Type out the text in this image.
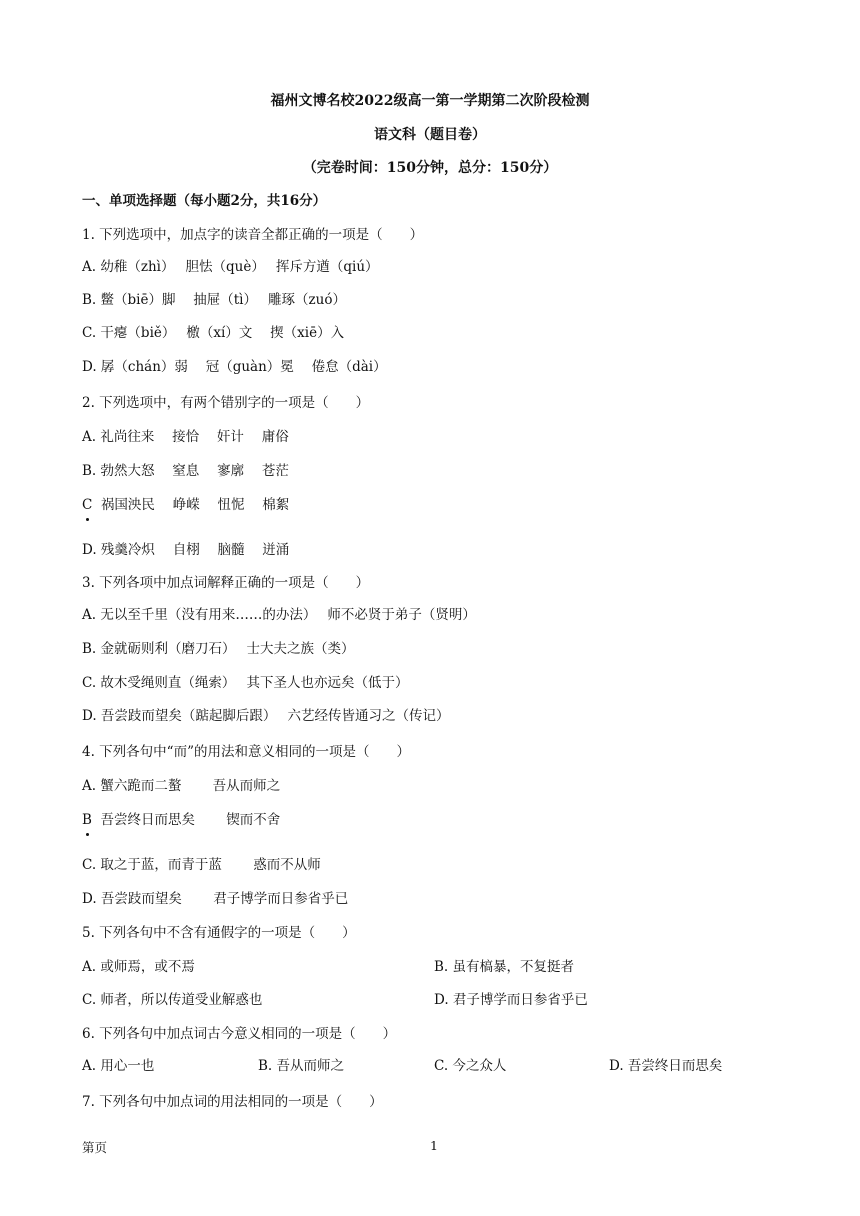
福州文博名校2022级高一第一学期第二次阶段检测
语文科（题目卷）
（完卷时间：150分钟，总分：150分）
一、单项选择题（每小题2分，共16分）
1. 下列选项中，加点字的读音全都正确的一项是（　　）
A. 幼稚（zhì）　 胆怯（què）　 挥斥方遒（qiú）
B. 鳖（biē）脚　 抽屉（tì）　 雕琢（zuó）
C. 干瘪（biě）　 檄（xí）文　 揳（xiē）入
D. 孱（chán）弱　 冠（guàn）冕　 倦怠（dài）
2. 下列选项中，有两个错别字的一项是（　　）
A. 礼尚往来　 接恰　 奸计　 庸俗
B. 勃然大怒　 窒息　 寥廓　 苍茫
C  祸国泱民　 峥嵘　 忸怩　 棉絮
D. 残羹冷炽　 自栩　 脑髓　 迸涌
3. 下列各项中加点词解释正确的一项是（　　）
A. 无以至千里（没有用来……的办法）　 师不必贤于弟子（贤明）
B. 金就砺则利（磨刀石）　 士大夫之族（类）
C. 故木受绳则直（绳索）　 其下圣人也亦远矣（低于）
D. 吾尝跂而望矣（踮起脚后跟）　 六艺经传皆通习之（传记）
4. 下列各句中“而”的用法和意义相同的一项是（　　）
A. 蟹六跪而二螯　　 吾从而师之
B  吾尝终日而思矣　　 锲而不舍
C. 取之于蓝，而青于蓝　　 惑而不从师
D. 吾尝跂而望矣　　 君子博学而日参省乎已
5. 下列各句中不含有通假字的一项是（　　）
A. 或师焉，或不焉	B. 虽有槁暴，不复挺者
C. 师者，所以传道受业解惑也	D. 君子博学而日参省乎已
6. 下列各句中加点词古今意义相同的一项是（　　）
A. 用心一也	B. 吾从而师之	C. 今之众人	D. 吾尝终日而思矣
7. 下列各句中加点词的用法相同的一项是（　　）
第页	1
